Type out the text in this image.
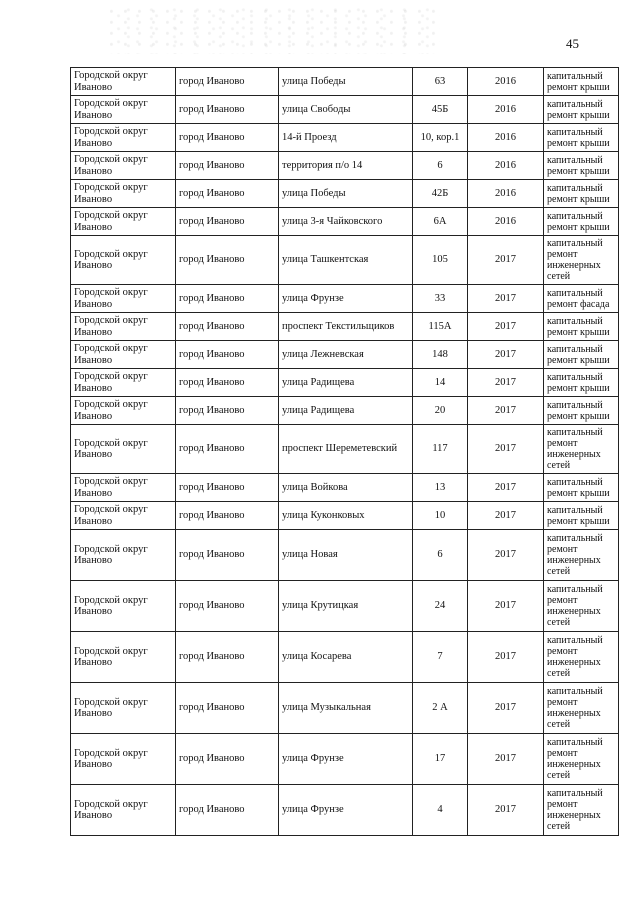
45
Городской округ Иваново	город Иваново	улица Победы	63	2016	капитальный ремонт крыши
Городской округ Иваново	город Иваново	улица Свободы	45Б	2016	капитальный ремонт крыши
Городской округ Иваново	город Иваново	14-й Проезд	10, кор.1	2016	капитальный ремонт крыши
Городской округ Иваново	город Иваново	территория п/о 14	6	2016	капитальный ремонт крыши
Городской округ Иваново	город Иваново	улица Победы	42Б	2016	капитальный ремонт крыши
Городской округ Иваново	город Иваново	улица 3-я Чайковского	6А	2016	капитальный ремонт крыши
Городской округ Иваново	город Иваново	улица Ташкентская	105	2017	капитальный ремонт инженерных сетей
Городской округ Иваново	город Иваново	улица Фрунзе	33	2017	капитальный ремонт фасада
Городской округ Иваново	город Иваново	проспект Текстильщиков	115А	2017	капитальный ремонт крыши
Городской округ Иваново	город Иваново	улица Лежневская	148	2017	капитальный ремонт крыши
Городской округ Иваново	город Иваново	улица Радищева	14	2017	капитальный ремонт крыши
Городской округ Иваново	город Иваново	улица Радищева	20	2017	капитальный ремонт крыши
Городской округ Иваново	город Иваново	проспект Шереметевский	117	2017	капитальный ремонт инженерных сетей
Городской округ Иваново	город Иваново	улица Войкова	13	2017	капитальный ремонт крыши
Городской округ Иваново	город Иваново	улица Куконковых	10	2017	капитальный ремонт крыши
Городской округ Иваново	город Иваново	улица Новая	6	2017	капитальный ремонт инженерных сетей
Городской округ Иваново	город Иваново	улица Крутицкая	24	2017	капитальный ремонт инженерных сетей
Городской округ Иваново	город Иваново	улица Косарева	7	2017	капитальный ремонт инженерных сетей
Городской округ Иваново	город Иваново	улица Музыкальная	2 А	2017	капитальный ремонт инженерных сетей
Городской округ Иваново	город Иваново	улица Фрунзе	17	2017	капитальный ремонт инженерных сетей
Городской округ Иваново	город Иваново	улица Фрунзе	4	2017	капитальный ремонт инженерных сетей
